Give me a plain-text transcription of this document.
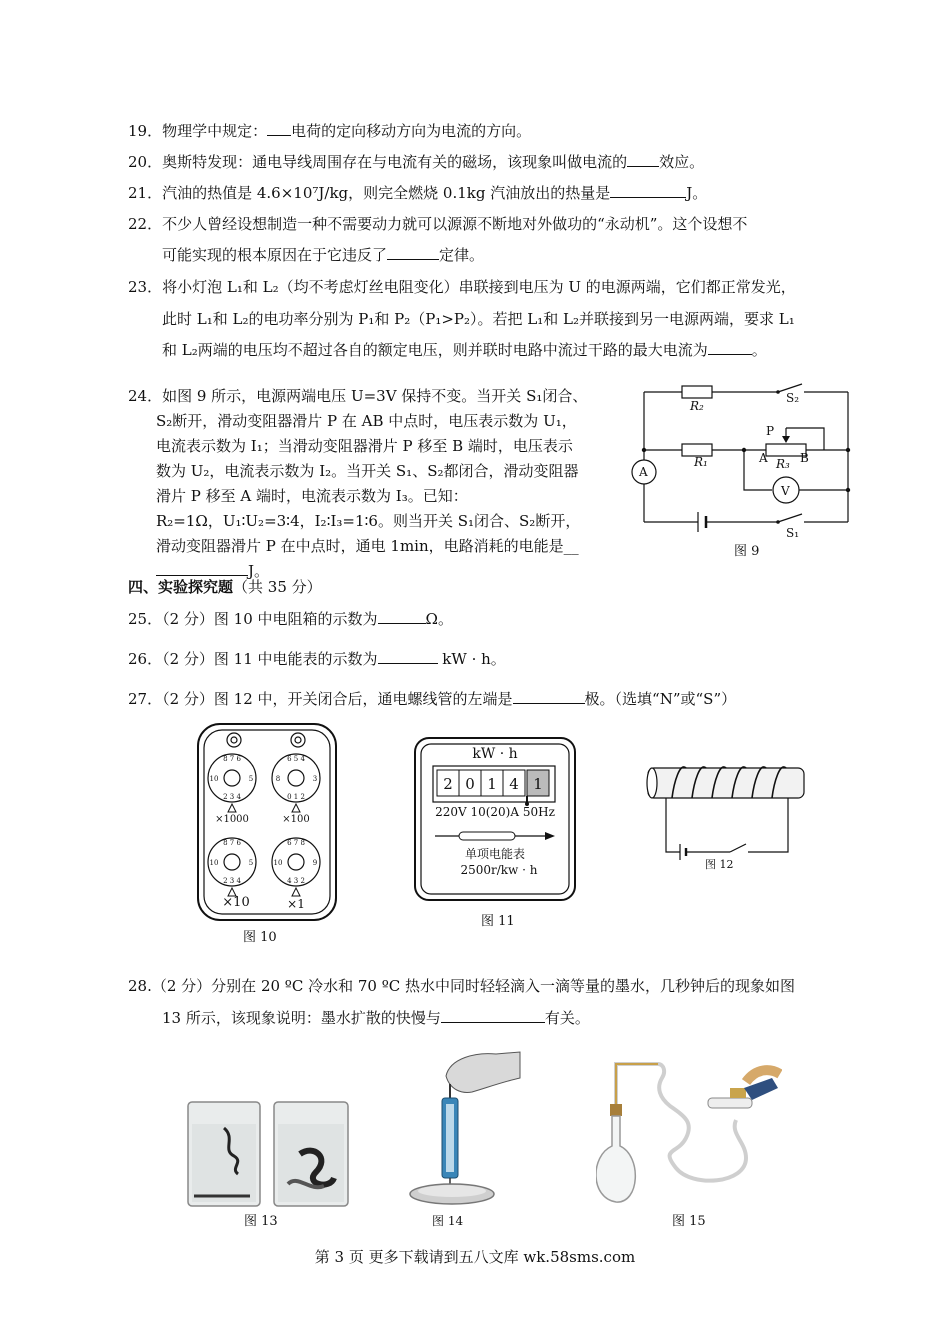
19．物理学中规定： 电荷的定向移动方向为电流的方向。
20．奥斯特发现：通电导线周围存在与电流有关的磁场，该现象叫做电流的 效应。
21．汽油的热值是 4.6×10⁷J/kg，则完全燃烧 0.1kg 汽油放出的热量是	J。
22．不少人曾经设想制造一种不需要动力就可以源源不断地对外做功的“永动机”。这个设想不
可能实现的根本原因在于它违反了	定律。
23．将小灯泡 L₁和 L₂（均不考虑灯丝电阻变化）串联接到电压为 U 的电源两端，它们都正常发光，
此时 L₁和 L₂的电功率分别为 P₁和 P₂（P₁>P₂）。若把 L₁和 L₂并联接到另一电源两端，要求 L₁
和 L₂两端的电压均不超过各自的额定电压，则并联时电路中流过干路的最大电流为	。
24．如图 9 所示，电源两端电压 U=3V 保持不变。当开关 S₁闭合、
S₂断开，滑动变阻器滑片 P 在 AB 中点时，电压表示数为 U₁，
电流表示数为 I₁；当滑动变阻器滑片 P 移至 B 端时，电压表示
数为 U₂，电流表示数为 I₂。当开关 S₁、S₂都闭合，滑动变阻器
滑片 P 移至 A 端时，电流表示数为 I₃。已知：
R₂=1Ω，U₁∶U₂=3∶4，I₂∶I₃=1∶6。则当开关 S₁闭合、S₂断开，
滑动变阻器滑片 P 在中点时，通电 1min，电路消耗的电能是__
J。
R₂
R₁	R₃
S₂
P
A	B
A
V
S₁
图 9
四、实验探究题（共 35 分）
25．（2 分）图 10 中电阻箱的示数为	Ω。
26．（2 分）图 11 中电能表的示数为	kW · h。
27．（2 分）图 12 中，开关闭合后，通电螺线管的左端是	极。（选填“N”或“S”）
8 7 6
2 3 4
10	5
6 5 4
0 1 2
8	3
8 7 6
2 3 4
10	5
6 7 8
4 3 2
10	9
×1000	×100
×10	×1
图 10
kW · h
2 0 1 4 1
220V 10(20)A 50Hz
单项电能表
2500r/kw · h
图 11
图 12
28.（2 分）分别在 20 ºC 冷水和 70 ºC 热水中同时轻轻滴入一滴等量的墨水，几秒钟后的现象如图
13 所示，该现象说明：墨水扩散的快慢与	有关。
图 13	图 14	图 15
第 3 页 更多下载请到五八文库 wk.58sms.com
